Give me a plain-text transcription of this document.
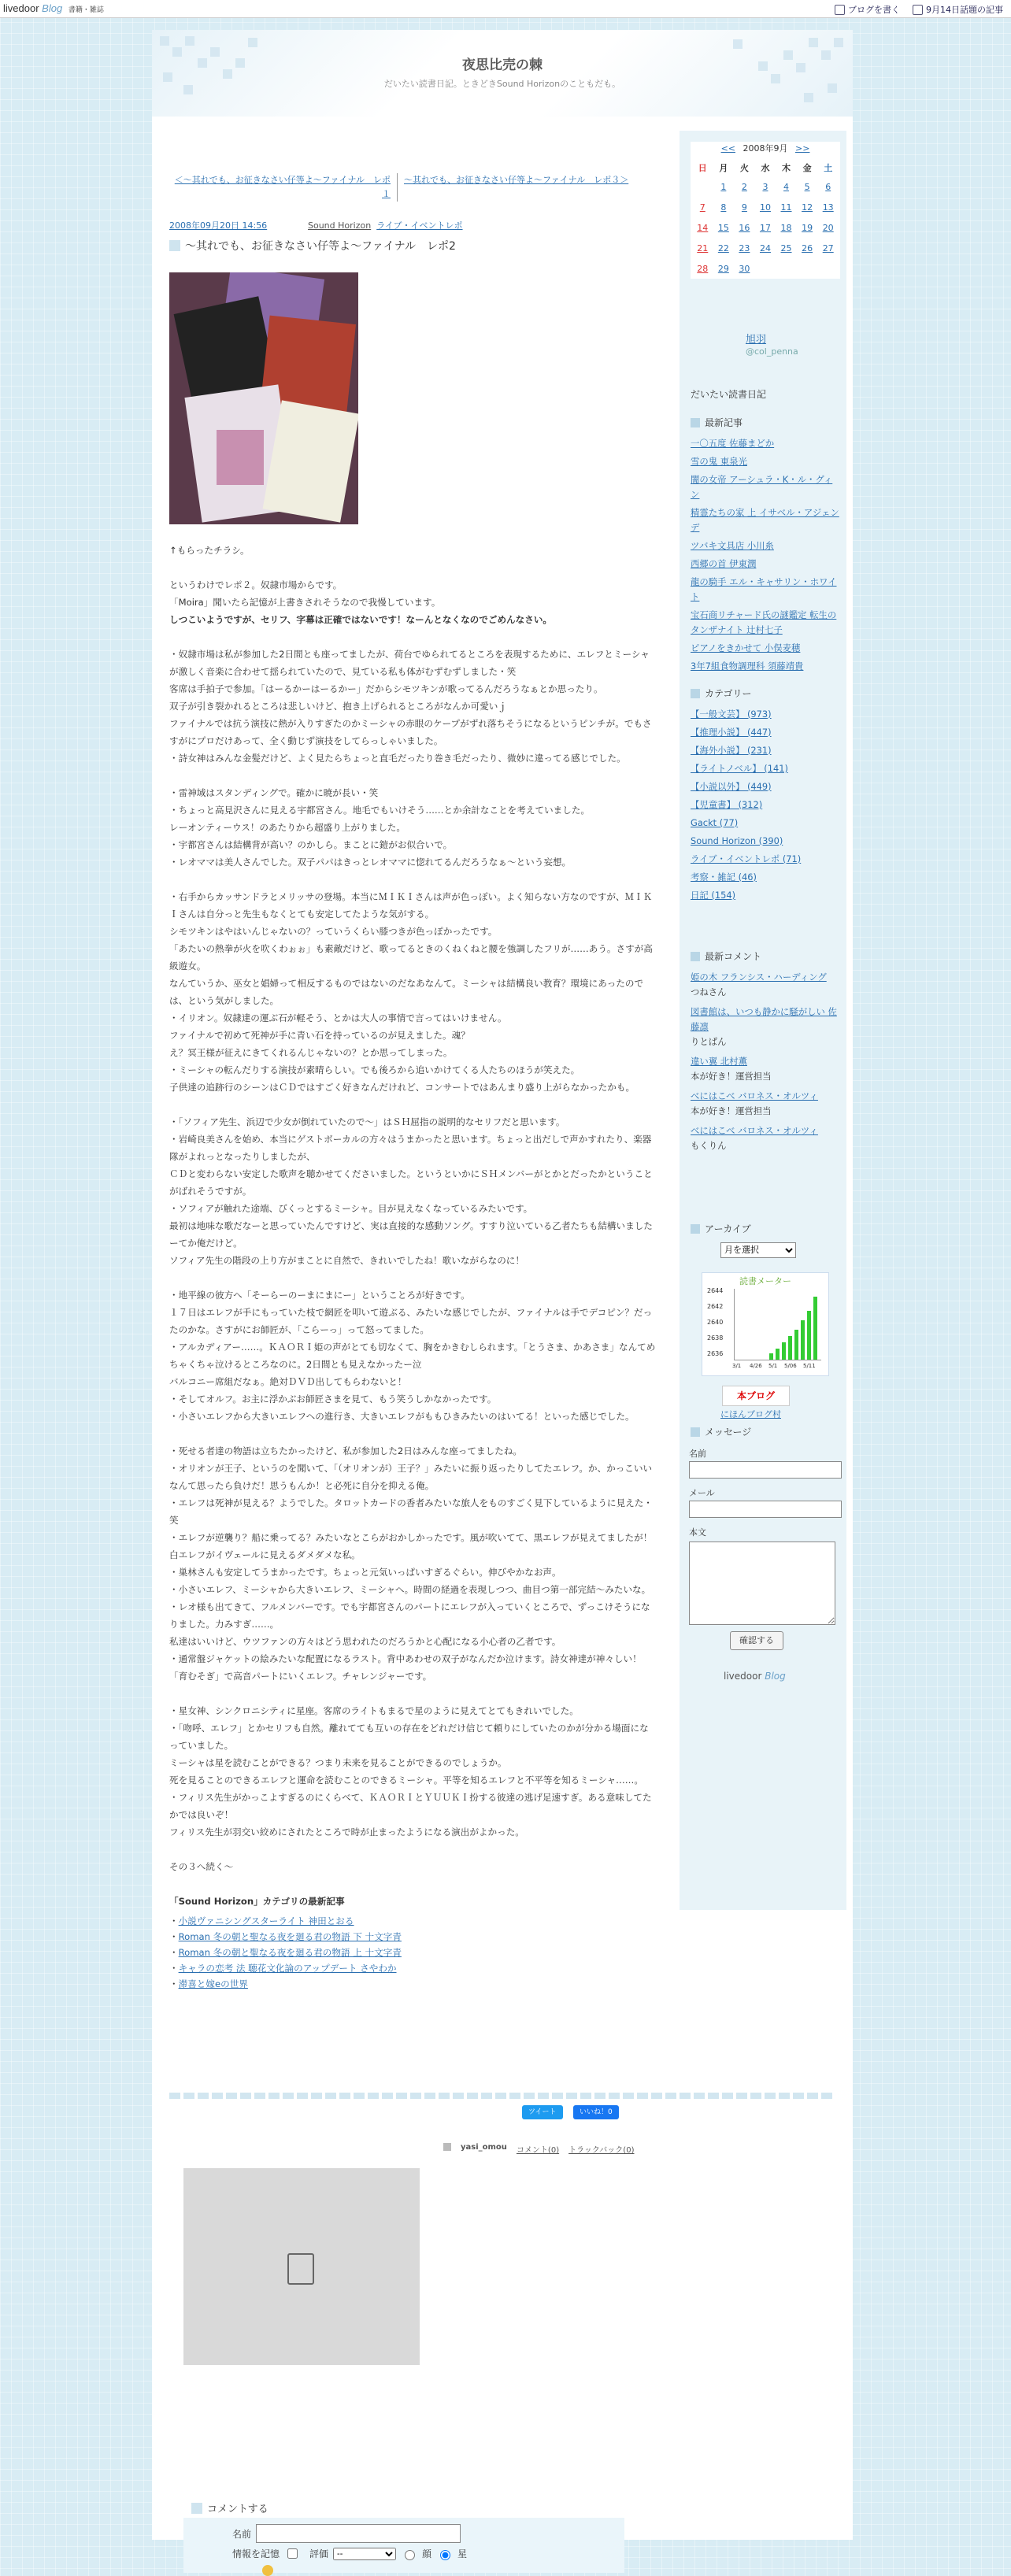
livedoor Blog 書籍・雑誌	ブログを書く	9月14日話題の記事
夜思比売の棘
だいたい読書日記。ときどきSound Horizonのこともだも。
＜〜其れでも、お征きなさい仔等よ〜ファイナル　レポ１
〜其れでも、お征きなさい仔等よ〜ファイナル　レポ３＞
2008年09月20日 14:56	Sound Horizon ライブ・イベントレポ
〜其れでも、お征きなさい仔等よ〜ファイナル　レポ2

↑もらったチラシ。

というわけでレポ２。奴隷市場からです。
「Moira」聞いたら記憶が上書きされそうなので我慢しています。

しつこいようですが、セリフ、字幕は正確ではないです！なーんとなくなのでごめんなさい。

・奴隷市場は私が参加した2日間とも座ってましたが、荷台でゆられてるところを表現するために、エレフとミーシャが激しく音楽に合わせて揺られていたので、見ている私も体がむずむずしました・笑
客席は手拍子で参加。「はーるかーはーるかー」だからシモツキンが歌ってるんだろうなぁとか思ったり。
双子が引き裂かれるところは悲しいけど、抱き上げられるところがなんか可愛いｊ
ファイナルでは抗う演技に熱が入りすぎたのかミーシャの赤眼のケープがずれ落ちそうになるというピンチが。でもさすがにプロだけあって、全く動じず演技をしてらっしゃいました。
・詩女神はみんな金髪だけど、よく見たらちょっと直毛だったり巻き毛だったり、微妙に違ってる感じでした。

・雷神域はスタンディングで。確かに暁が長い・笑
・ちょっと高見沢さんに見える宇都宮さん。地毛でもいけそう……とか余計なことを考えていました。
レーオンティーウス！のあたりから超盛り上がりました。
・宇都宮さんは結構背が高い？のかしら。まことに鎧がお似合いで。
・レオママは美人さんでした。双子パパはきっとレオママに惚れてるんだろうなぁ〜という妄想。

・右手からカッサンドラとメリッサの登場。本当にＭＩＫＩさんは声が色っぽい。よく知らない方なのですが、ＭＩＫＩさんは自分っと先生もなくとても安定してたような気がする。
シモツキンはやはいんじゃないの？っていうくらい膝つきが色っぽかったです。
「あたいの熱拳が火を吹くわぉぉ」も素敵だけど、歌ってるときのくねくねと腰を強調したフリが……あう。さすが高級遊女。
なんていうか、巫女と娼婦って相反するものではないのだなあなんて。ミーシャは結構良い教育？環境にあったのでは、という気がしました。
・イリオン。奴隷達の運ぶ石が軽そう、とかは大人の事情で言ってはいけません。
ファイナルで初めて死神が手に青い石を持っているのが見えました。魂？
え？冥王様が征えにきてくれるんじゃないの？とか思ってしまった。
・ミーシャの転んだりする演技が素晴らしい。でも後ろから追いかけてくる人たちのほうが笑えた。
子供達の追跡行のシーンはＣＤではすごく好きなんだけれど、コンサートではあんまり盛り上がらなかったかも。

・「ソフィア先生、浜辺で少女が倒れていたので〜」はＳＨ屈指の説明的なセリフだと思います。
・岩崎良美さんを始め、本当にゲストボーカルの方々はうまかったと思います。ちょっと出だしで声かすれたり、楽器隊がよれっとなったりしましたが、
ＣＤと変わらない安定した歌声を聴かせてくださいました。というといかにＳＨメンバーがとかとだったかということがばれそうですが。
・ソフィアが触れた途端、びくっとするミーシャ。目が見えなくなっているみたいです。
最初は地味な歌だなーと思っていたんですけど、実は直接的な感動ソング。すすり泣いている乙者たちも結構いましたーてか俺だけど。
ソフィア先生の階段の上り方がまことに自然で、きれいでしたね！歌いながらなのに！

・地平線の彼方へ「そーらーのーまにまにー」ということろが好きです。
１７日はエレフが手にもっていた枝で網匠を叩いて遊ぶる、みたいな感じでしたが、ファイナルは手でデコピン？だったのかな。さすがにお師匠が、「こらーっ」って怒ってました。
・アルカディアー……。ＫＡＯＲＩ姫の声がとても切なくて、胸をかきむしられます。「とうさま、かあさま」なんてめちゃくちゃ泣けるところなのに。2日間とも見えなかったー泣
バルコニー席組だなぁ。絶対ＤＶＤ出してもらわないと！
・そしてオルフ。お主に浮かぶお師匠さまを見て、もう笑うしかなかったです。
・小さいエレフから大きいエレフへの進行き、大きいエレフがももひきみたいのはいてる！といった感じでした。

・死せる者達の物語は立ちたかったけど、私が参加した2日はみんな座ってましたね。
・オリオンが王子、というのを聞いて、「（オリオンが）王子？」みたいに振り返ったりしてたエレフ。か、かっこいいなんて思ったら負けだ！思うもんか！と必死に自分を抑える俺。
・エレフは死神が見える？ようでした。タロットカードの香者みたいな旅人をものすごく見下しているように見えた・笑
・エレフが逆襲り？船に乗ってる？みたいなとこらがおかしかったです。風が吹いてて、黒エレフが見えてましたが！
白エレフがイヴェールに見えるダメダメな私。
・巣林さんも安定してうまかったです。ちょっと元気いっぱいすぎるぐらい。伸びやかなお声。
・小さいエレフ、ミーシャから大きいエレフ、ミーシャへ。時間の経過を表現しつつ、曲目つ第一部完結〜みたいな。
・レオ様も出てきて、フルメンバーです。でも宇都宮さんのパートにエレフが入っていくところで、ずっこけそうになりました。力みすぎ……。
私達はいいけど、ウツファンの方々はどう思われたのだろうかと心配になる小心者の乙者です。
・通常盤ジャケットの絵みたいな配置になるラスト。背中あわせの双子がなんだか泣けます。詩女神達が神々しい！
「育むそぎ」で高音パートにいくエレフ。チャレンジャーです。

・星女神、シンクロニシティに星座。客席のライトもまるで星のように見えてとてもきれいでした。
・「吻呼、エレフ」とかセリフも自然。離れてても互いの存在をどれだけ信じて頼りにしていたのかが分かる場面になっていました。
ミーシャは星を読むことができる？つまり未来を見ることができるのでしょうか。
死を見ることのできるエレフと運命を読むことのできるミーシャ。平等を知るエレフと不平等を知るミーシャ……。
・フィリス先生がかっこよすぎるのにくらべて、ＫＡＯＲＩとＹＵＵＫＩ扮する彼達の逃げ足速すぎ。ある意味してたかでは良いぞ！
フィリス先生が羽交い絞めにされたところで時が止まったようになる演出がよかった。

その３へ続く〜

「Sound Horizon」カテゴリの最新記事
・ 小説ヴァニシングスターライト 神田とおる
・ Roman 冬の朝と聖なる夜を廻る君の物語 下 十文字青
・ Roman 冬の朝と聖なる夜を廻る君の物語 上 十文字青
・ キャラの恋考 法 聴花文化論のアップデート さやわか
・ 滞喜と嫁eの世界
ツイート	いいね！0
yasi_omou コメント(0) トラックバック(0)
コメントする
名前
情報を記憶	評価
--	顔	星
<< 2008年9月 >>
日	月	火	水	木	金	土
	1	2	3	4	5	6
7	8	9	10	11	12	13
14	15	16	17	18	19	20
21	22	23	24	25	26	27
28	29	30				
旭羽
@col_penna
だいたい読書日記
最新記事
一〇五度 佐藤まどか
雪の鬼 東泉光
闇の女帝 アーシュラ・K・ル・グィン
精霊たちの家 上 イサベル・アジェンデ
ツバキ文具店 小川糸
西郷の首 伊東潤
龍の騎手 エル・キャサリン・ホワイト
宝石商リチャード氏の謎鑑定 転生のタンザナイト 辻村七子
ピアノをきかせて 小俣麦穂
3年7組食物調理科 須藤靖貴
カテゴリー
【一般文芸】 (973)
【推理小説】 (447)
【海外小説】 (231)
【ライトノベル】 (141)
【小説以外】 (449)
【児童書】 (312)
Gackt (77)
Sound Horizon (390)
ライブ・イベントレポ (71)
考察・雑記 (46)
日記 (154)
最新コメント
姫の木 フランシス・ハーディング
つねさん
図書館は、いつも静かに騒がしい 佐藤凛
りとぱん
違い翼 北村薫
本が好き！運営担当
べにはこべ バロネス・オルツィ
本が好き！運営担当
べにはこべ バロネス・オルツィ
もくりん
アーカイブ
月を選択
読書メーター
2644
2642
2640
2638
2636
3/1 4/26 5/1 5/06 5/11
本ブログ
にほんブログ村
メッセージ
名前
メール
本文
確認する
livedoor Blog
